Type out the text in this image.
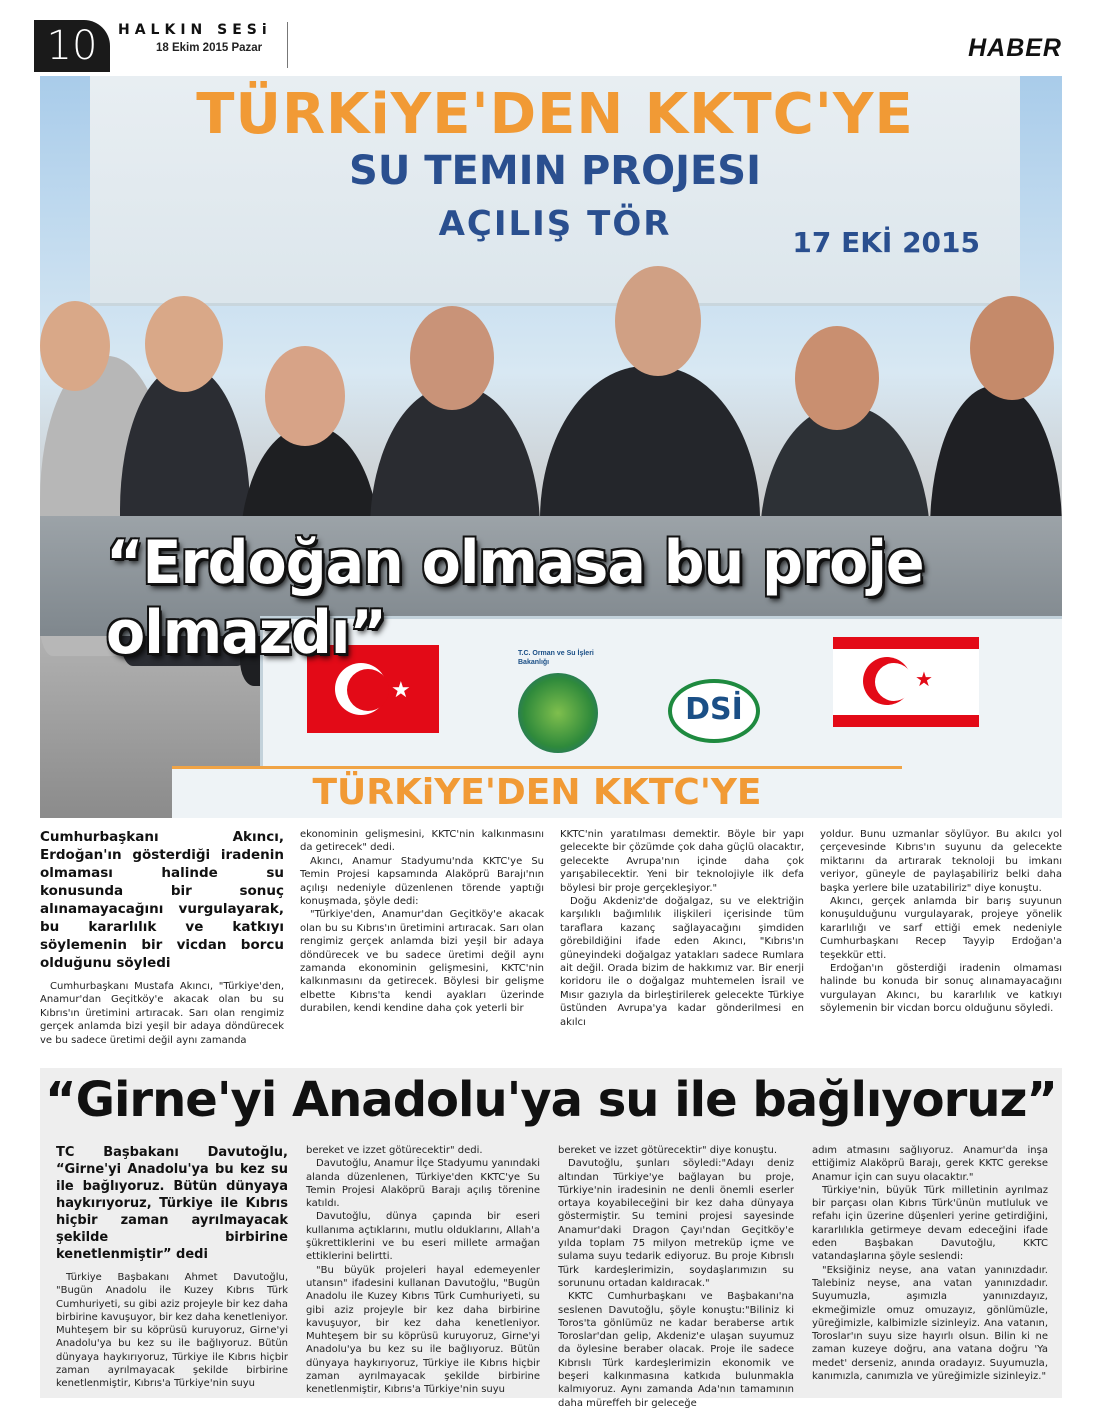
10	HALKIN SESi
18 Ekim 2015 Pazar	HABER
TÜRKiYE'DEN KKTC'YE
SU TEMIN PROJESI
AÇILIŞ TÖR	17 EKİ 2015
★
T.C. Orman ve Su İşleri Bakanlığı
DSİ
★
TÜRKiYE'DEN KKTC'YE
“Erdoğan olmasa bu proje olmazdı”
Cumhurbaşkanı Akıncı, Erdoğan'ın gösterdiği iradenin olmaması halinde su konusunda bir sonuç alınamayacağını vurgulayarak, bu kararlılık ve katkıyı söylemenin bir vicdan borcu olduğunu söyledi

Cumhurbaşkanı Mustafa Akıncı, "Türkiye'den, Anamur'dan Geçitköy'e akacak olan bu su Kıbrıs'ın üretimini artıracak. Sarı olan rengimiz gerçek anlamda bizi yeşil bir adaya döndürecek ve bu sadece üretimi değil aynı zamanda

ekonominin gelişmesini, KKTC'nin kalkınmasını da getirecek" dedi.

Akıncı, Anamur Stadyumu'nda KKTC'ye Su Temin Projesi kapsamında Alaköprü Barajı'nın açılışı nedeniyle düzenlenen törende yaptığı konuşmada, şöyle dedi:

"Türkiye'den, Anamur'dan Geçitköy'e akacak olan bu su Kıbrıs'ın üretimini artıracak. Sarı olan rengimiz gerçek anlamda bizi yeşil bir adaya döndürecek ve bu sadece üretimi değil aynı zamanda ekonominin gelişmesini, KKTC'nin kalkınmasını da getirecek. Böylesi bir gelişme elbette Kıbrıs'ta kendi ayakları üzerinde durabilen, kendi kendine daha çok yeterli bir

KKTC'nin yaratılması demektir. Böyle bir yapı gelecekte bir çözümde çok daha güçlü olacaktır, gelecekte Avrupa'nın içinde daha çok yarışabilecektir. Yeni bir teknolojiyle ilk defa böylesi bir proje gerçekleşiyor."

Doğu Akdeniz'de doğalgaz, su ve elektriğin karşılıklı bağımlılık ilişkileri içerisinde tüm taraflara kazanç sağlayacağını şimdiden görebildiğini ifade eden Akıncı, "Kıbrıs'ın güneyindeki doğalgaz yatakları sadece Rumlara ait değil. Orada bizim de hakkımız var. Bir enerji koridoru ile o doğalgaz muhtemelen İsrail ve Mısır gazıyla da birleştirilerek gelecekte Türkiye üstünden Avrupa'ya kadar gönderilmesi en akılcı

yoldur. Bunu uzmanlar söylüyor. Bu akılcı yol çerçevesinde Kıbrıs'ın suyunu da gelecekte miktarını da artırarak teknoloji bu imkanı veriyor, güneyle de paylaşabiliriz belki daha başka yerlere bile uzatabiliriz" diye konuştu.

Akıncı, gerçek anlamda bir barış suyunun konuşulduğunu vurgulayarak, projeye yönelik kararlılığı ve sarf ettiği emek nedeniyle Cumhurbaşkanı Recep Tayyip Erdoğan'a teşekkür etti.

Erdoğan'ın gösterdiği iradenin olmaması halinde bu konuda bir sonuç alınamayacağını vurgulayan Akıncı, bu kararlılık ve katkıyı söylemenin bir vicdan borcu olduğunu söyledi.

“Girne'yi Anadolu'ya su ile bağlıyoruz”
TC Başbakanı Davutoğlu, “Girne'yi Anadolu'ya bu kez su ile bağlıyoruz. Bütün dünyaya haykırıyoruz, Türkiye ile Kıbrıs hiçbir zaman ayrılmayacak şekilde birbirine kenetlenmiştir” dedi

Türkiye Başbakanı Ahmet Davutoğlu, "Bugün Anadolu ile Kuzey Kıbrıs Türk Cumhuriyeti, su gibi aziz projeyle bir kez daha birbirine kavuşuyor, bir kez daha kenetleniyor. Muhteşem bir su köprüsü kuruyoruz, Girne'yi Anadolu'ya bu kez su ile bağlıyoruz. Bütün dünyaya haykırıyoruz, Türkiye ile Kıbrıs hiçbir zaman ayrılmayacak şekilde birbirine kenetlenmiştir, Kıbrıs'a Türkiye'nin suyu

bereket ve izzet götürecektir" dedi.

Davutoğlu, Anamur İlçe Stadyumu yanındaki alanda düzenlenen, Türkiye'den KKTC'ye Su Temin Projesi Alaköprü Barajı açılış törenine katıldı.

Davutoğlu, dünya çapında bir eseri kullanıma açtıklarını, mutlu olduklarını, Allah'a şükrettiklerini ve bu eseri millete armağan ettiklerini belirtti.

"Bu büyük projeleri hayal edemeyenler utansın" ifadesini kullanan Davutoğlu, "Bugün Anadolu ile Kuzey Kıbrıs Türk Cumhuriyeti, su gibi aziz projeyle bir kez daha birbirine kavuşuyor, bir kez daha kenetleniyor. Muhteşem bir su köprüsü kuruyoruz, Girne'yi Anadolu'ya bu kez su ile bağlıyoruz. Bütün dünyaya haykırıyoruz, Türkiye ile Kıbrıs hiçbir zaman ayrılmayacak şekilde birbirine kenetlenmiştir, Kıbrıs'a Türkiye'nin suyu

bereket ve izzet götürecektir" diye konuştu.

Davutoğlu, şunları söyledi:"Adayı deniz altından Türkiye'ye bağlayan bu proje, Türkiye'nin iradesinin ne denli önemli eserler ortaya koyabileceğini bir kez daha dünyaya göstermiştir. Su temini projesi sayesinde Anamur'daki Dragon Çayı'ndan Geçitköy'e yılda toplam 75 milyon metreküp içme ve sulama suyu tedarik ediyoruz. Bu proje Kıbrıslı Türk kardeşlerimizin, soydaşlarımızın su sorununu ortadan kaldıracak."

KKTC Cumhurbaşkanı ve Başbakanı'na seslenen Davutoğlu, şöyle konuştu:"Biliniz ki Toros'ta gönlümüz ne kadar beraberse artık Toroslar'dan gelip, Akdeniz'e ulaşan suyumuz da öylesine beraber olacak. Proje ile sadece Kıbrıslı Türk kardeşlerimizin ekonomik ve beşeri kalkınmasına katkıda bulunmakla kalmıyoruz. Aynı zamanda Ada'nın tamamının daha müreffeh bir geleceğe

adım atmasını sağlıyoruz. Anamur'da inşa ettiğimiz Alaköprü Barajı, gerek KKTC gerekse Anamur için can suyu olacaktır."

Türkiye'nin, büyük Türk milletinin ayrılmaz bir parçası olan Kıbrıs Türk'ünün mutluluk ve refahı için üzerine düşenleri yerine getirdiğini, kararlılıkla getirmeye devam edeceğini ifade eden Başbakan Davutoğlu, KKTC vatandaşlarına şöyle seslendi:

"Eksiğiniz neyse, ana vatan yanınızdadır. Talebiniz neyse, ana vatan yanınızdadır. Suyumuzla, aşımızla yanınızdayız, ekmeğimizle omuz omuzayız, gönlümüzle, yüreğimizle, kalbimizle sizinleyiz. Ana vatanın, Toroslar'ın suyu size hayırlı olsun. Bilin ki ne zaman kuzeye doğru, ana vatana doğru 'Ya medet' derseniz, anında oradayız. Suyumuzla, kanımızla, canımızla ve yüreğimizle sizinleyiz."
